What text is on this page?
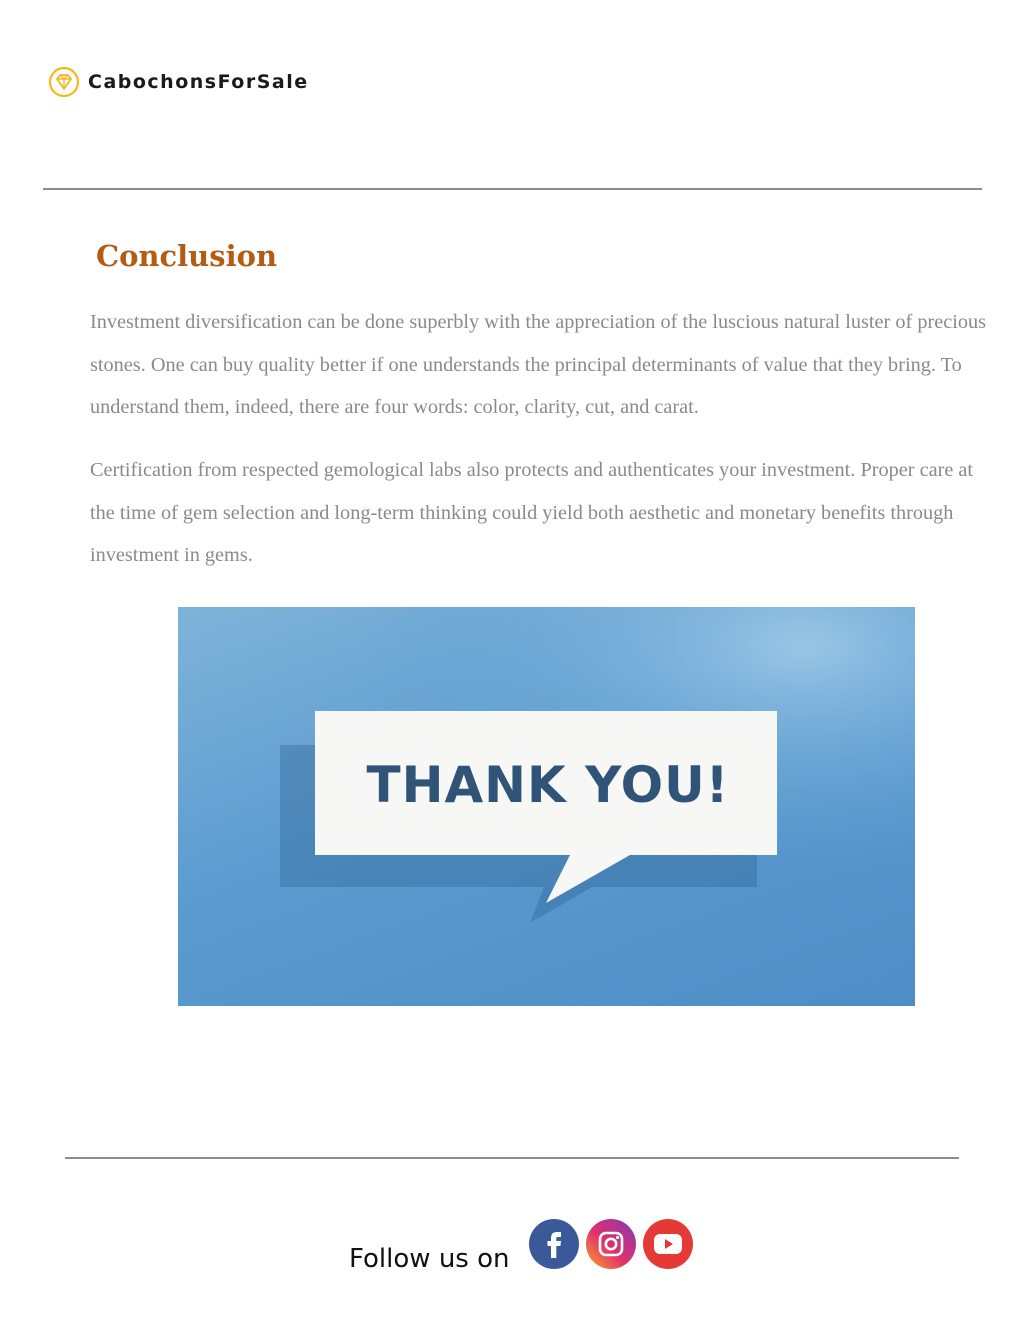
CabochonsForSale
Conclusion

Investment diversification can be done superbly with the appreciation of the luscious natural luster of precious stones. One can buy quality better if one understands the principal determinants of value that they bring. To understand them, indeed, there are four words: color, clarity, cut, and carat.

Certification from respected gemological labs also protects and authenticates your investment. Proper care at the time of gem selection and long-term thinking could yield both aesthetic and monetary benefits through investment in gems.

THANK YOU!
Follow us on
